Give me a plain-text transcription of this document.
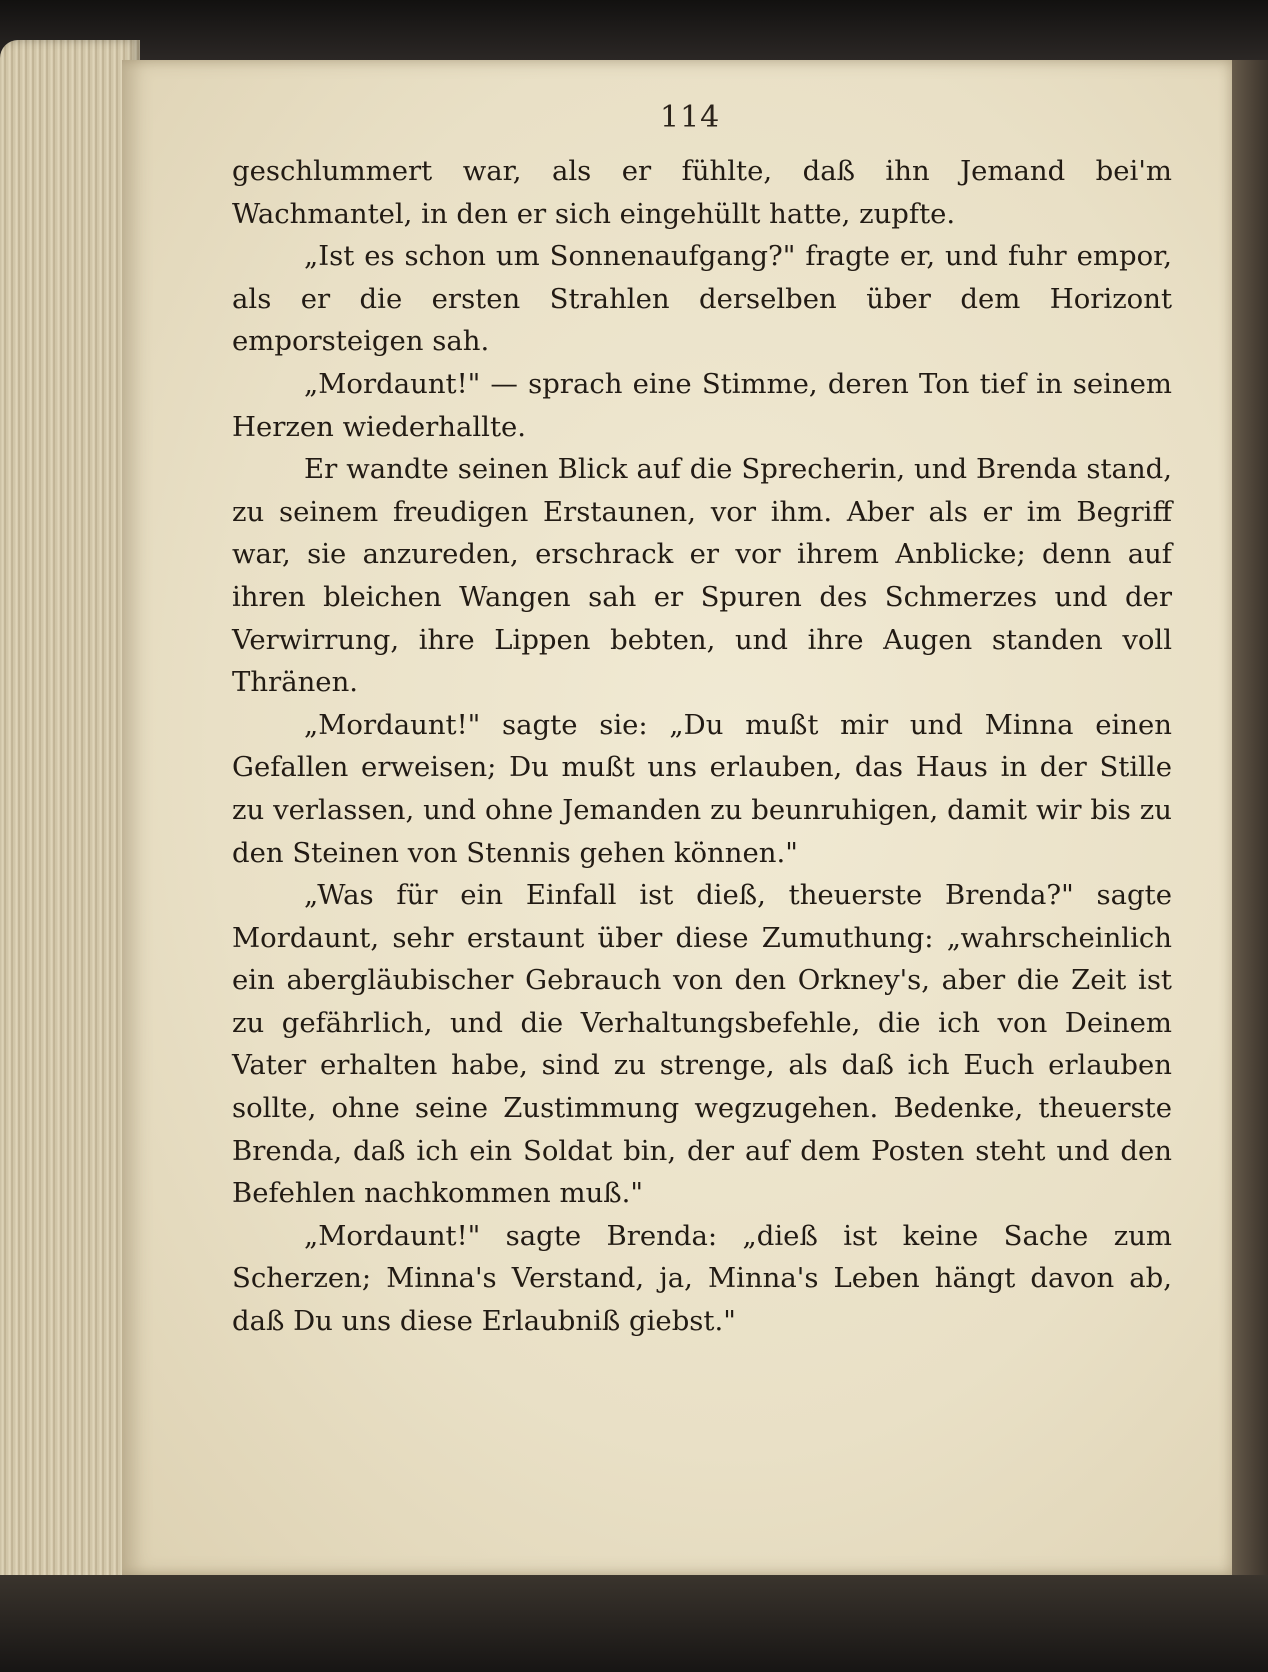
114

geschlummert war, als er fühlte, daß ihn Jemand bei'm Wachmantel, in den er sich eingehüllt hatte, zupfte.

„Ist es schon um Sonnenaufgang?" fragte er, und fuhr empor, als er die ersten Strahlen derselben über dem Horizont emporsteigen sah.

„Mordaunt!" — sprach eine Stimme, deren Ton tief in seinem Herzen wiederhallte.

Er wandte seinen Blick auf die Sprecherin, und Brenda stand, zu seinem freudigen Erstaunen, vor ihm. Aber als er im Begriff war, sie anzureden, erschrack er vor ihrem Anblicke; denn auf ihren bleichen Wangen sah er Spuren des Schmerzes und der Verwirrung, ihre Lippen bebten, und ihre Augen standen voll Thränen.

„Mordaunt!" sagte sie: „Du mußt mir und Minna einen Gefallen erweisen; Du mußt uns erlauben, das Haus in der Stille zu verlassen, und ohne Jemanden zu beunruhigen, damit wir bis zu den Steinen von Stennis gehen können."

„Was für ein Einfall ist dieß, theuerste Brenda?" sagte Mordaunt, sehr erstaunt über diese Zumuthung: „wahrscheinlich ein abergläubischer Gebrauch von den Orkney's, aber die Zeit ist zu gefährlich, und die Verhaltungsbefehle, die ich von Deinem Vater erhalten habe, sind zu strenge, als daß ich Euch erlauben sollte, ohne seine Zustimmung wegzugehen. Bedenke, theuerste Brenda, daß ich ein Soldat bin, der auf dem Posten steht und den Befehlen nachkommen muß."

„Mordaunt!" sagte Brenda: „dieß ist keine Sache zum Scherzen; Minna's Verstand, ja, Minna's Leben hängt davon ab, daß Du uns diese Erlaubniß giebst."
